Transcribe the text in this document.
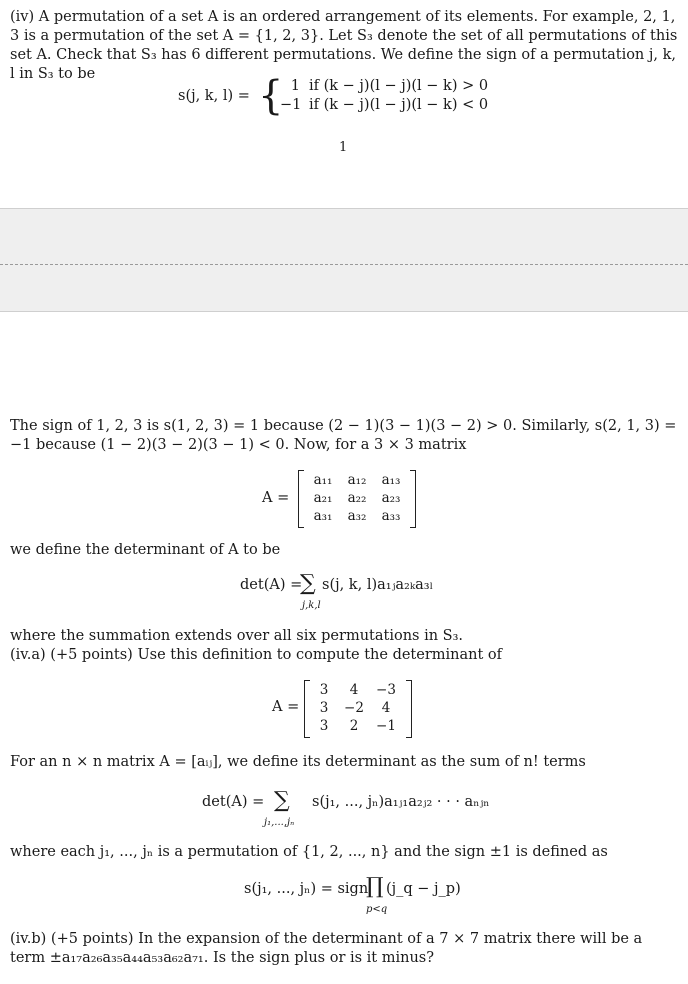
(iv) A permutation of a set A is an ordered arrangement of its elements. For example, 2, 1, 3 is a permutation of the set A = {1, 2, 3}. Let S₃ denote the set of all permutations of this set A. Check that S₃ has 6 different permutations. We define the sign of a permutation j, k, l in S₃ to be
s(j, k, l) = { 1 if (k − j)(l − j)(l − k) > 0
−1 if (k − j)(l − j)(l − k) < 0
1
The sign of 1, 2, 3 is s(1, 2, 3) = 1 because (2 − 1)(3 − 1)(3 − 2) > 0. Similarly, s(2, 1, 3) = −1 because (1 − 2)(3 − 2)(3 − 1) < 0. Now, for a 3 × 3 matrix
A =
a₁₁ a₁₂ a₁₃
a₂₁ a₂₂ a₂₃
a₃₁ a₃₂ a₃₃
we define the determinant of A to be
det(A) =
∑
j,k,l
s(j, k, l)a₁ⱼa₂ₖa₃ₗ
where the summation extends over all six permutations in S₃.
(iv.a) (+5 points) Use this definition to compute the determinant of
A =
3 4 −3
3 −2 4
3 2 −1
For an n × n matrix A = [aᵢⱼ], we define its determinant as the sum of n! terms
det(A) = ∑
j₁,...,jₙ
s(j₁, ..., jₙ)a₁ⱼ₁a₂ⱼ₂ · · · aₙⱼₙ
where each j₁, ..., jₙ is a permutation of {1, 2, ..., n} and the sign ±1 is defined as
s(j₁, ..., jₙ) = sign
∏
p<q
(j_q − j_p)
(iv.b) (+5 points) In the expansion of the determinant of a 7 × 7 matrix there will be a term ±a₁₇a₂₆a₃₅a₄₄a₅₃a₆₂a₇₁. Is the sign plus or is it minus?
